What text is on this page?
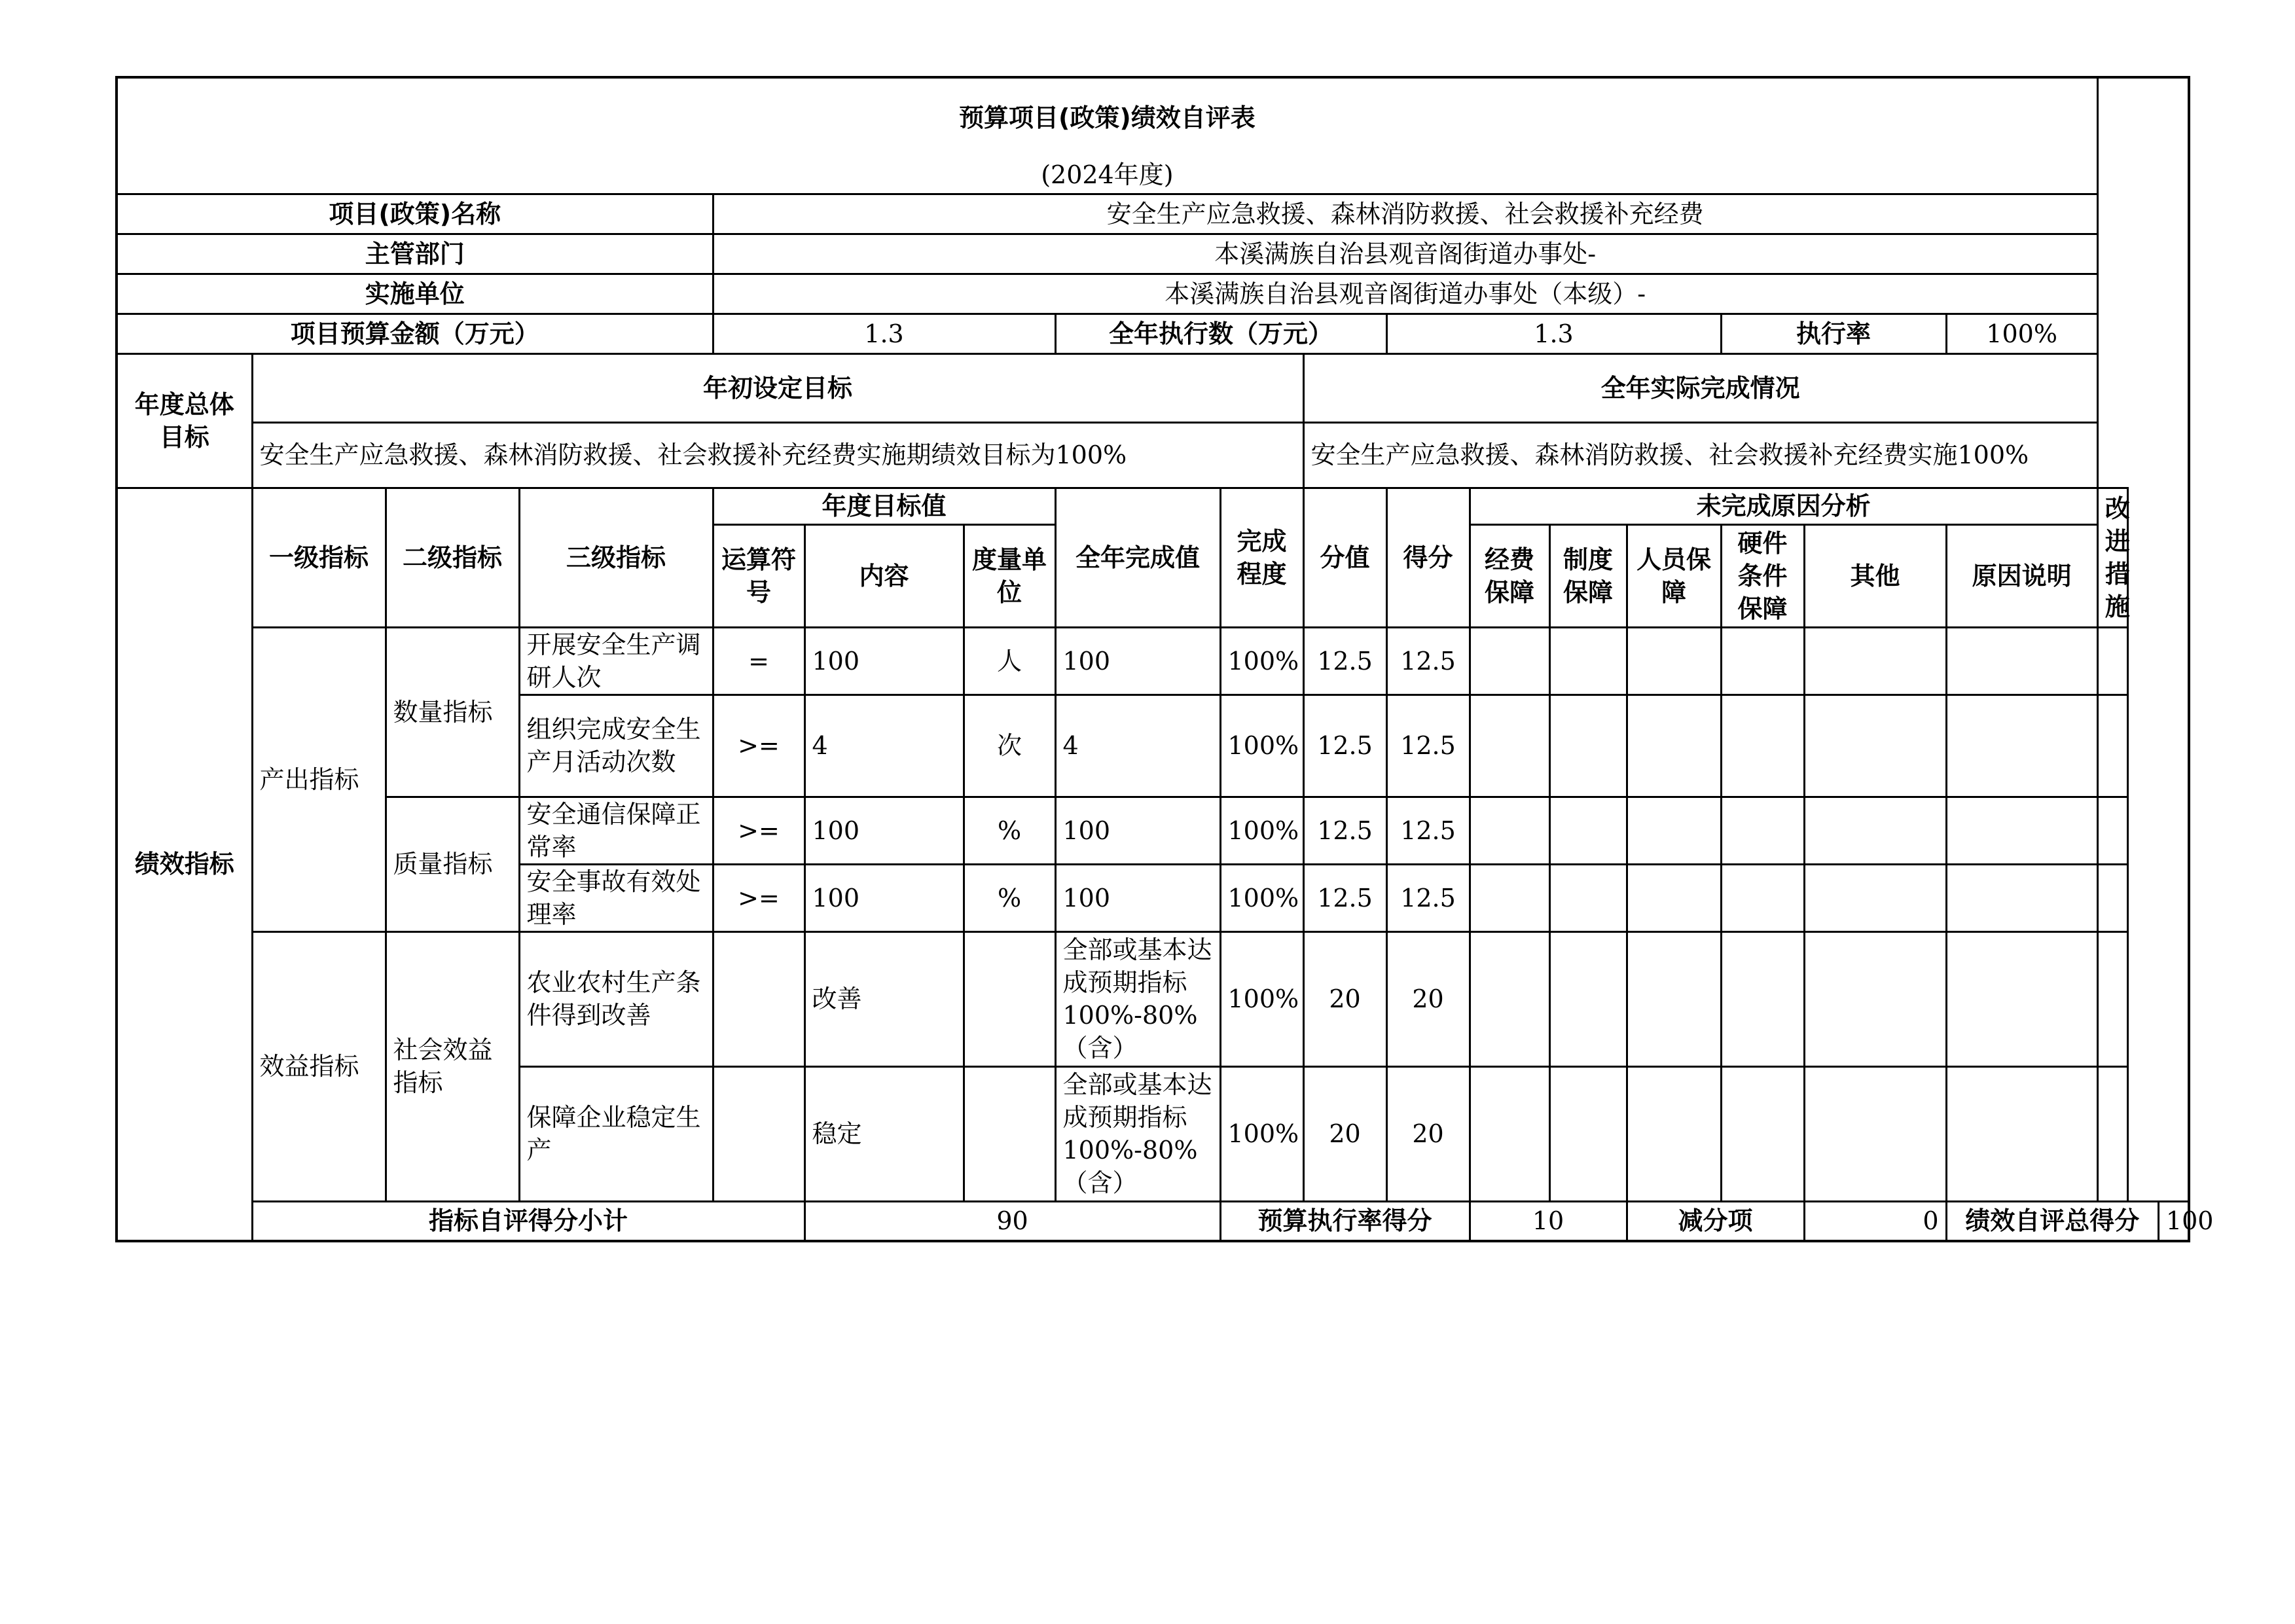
预算项目(政策)绩效自评表																		
(2024年度)																		
项目(政策)名称				安全生产应急救援、森林消防救援、社会救援补充经费														
主管部门				本溪满族自治县观音阁街道办事处-														
实施单位				本溪满族自治县观音阁街道办事处（本级）-														
项目预算金额（万元）				1.3			全年执行数（万元）			1.3				执行率		100%		
年度总体目标	年初设定目标								全年实际完成情况									
	安全生产应急救援、森林消防救援、社会救援补充经费实施期绩效目标为100%								安全生产应急救援、森林消防救援、社会救援补充经费实施100%									
绩效指标	一级指标	二级指标	三级指标	年度目标值			全年完成值	完成程度	分值	得分	未完成原因分析						改进措施	
				运算符号	内容	度量单位					经费保障	制度保障	人员保障	硬件条件保障	其他	原因说明		
	产出指标	数量指标	开展安全生产调研人次	=	100	人	100	100%	12.5	12.5								
			组织完成安全生产月活动次数	>=	4	次	4	100%	12.5	12.5								
		质量指标	安全通信保障正常率	>=	100	%	100	100%	12.5	12.5								
			安全事故有效处理率	>=	100	%	100	100%	12.5	12.5								
	效益指标	社会效益指标	农业农村生产条件得到改善		改善		全部或基本达成预期指标100%-80%（含）	100%	20	20								
			保障企业稳定生产		稳定		全部或基本达成预期指标100%-80%（含）	100%	20	20								
	指标自评得分小计				90			预算执行率得分			10		减分项		0	绩效自评总得分		100
